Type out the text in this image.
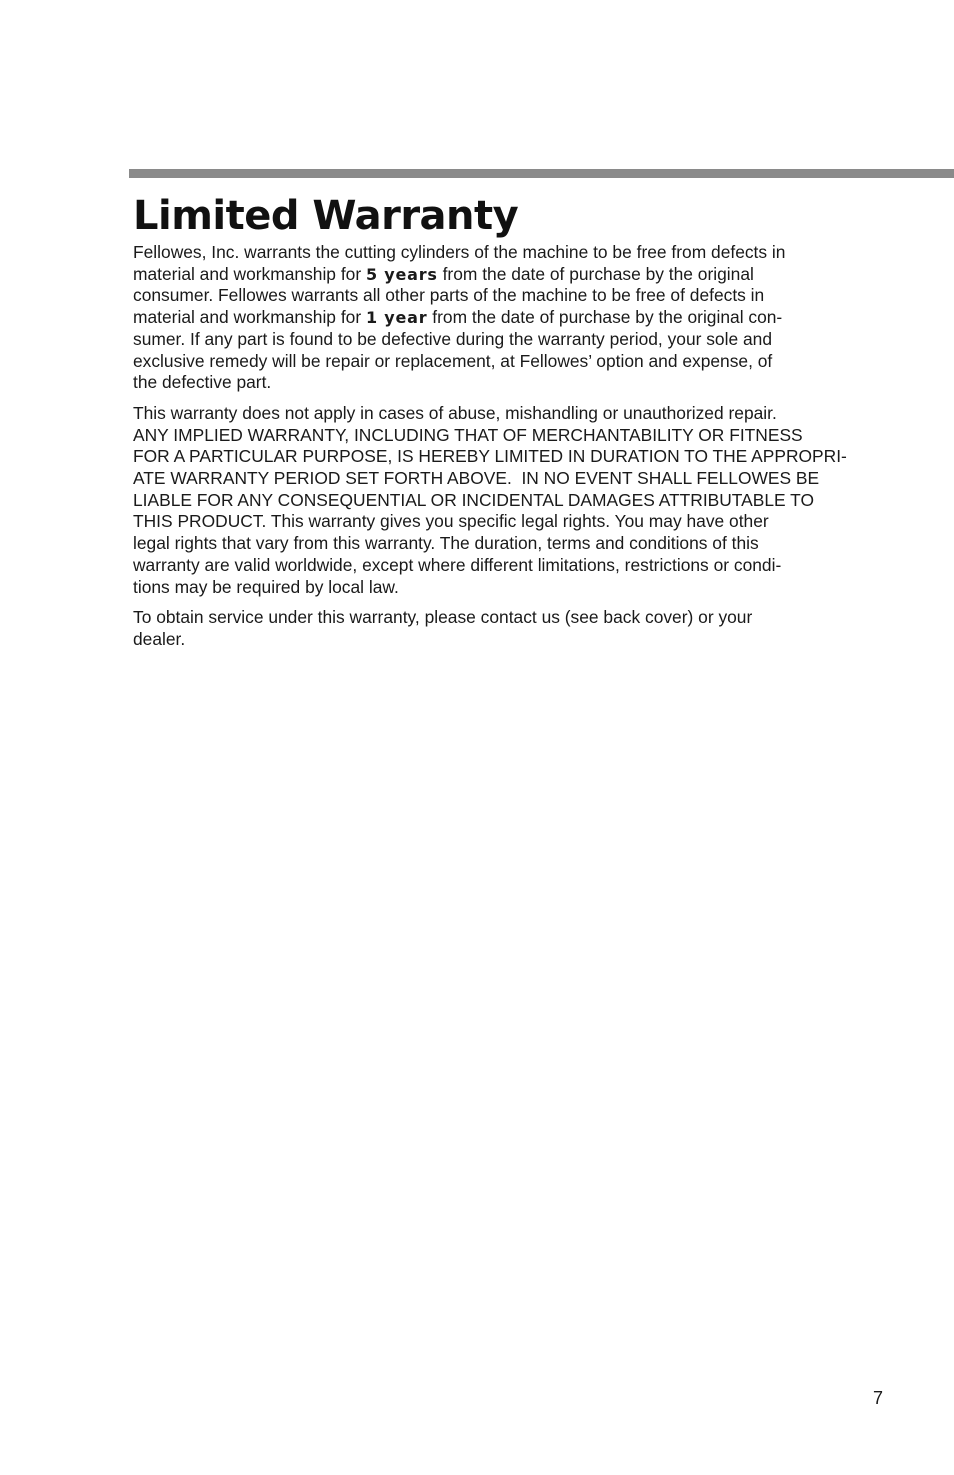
Limited Warranty

Fellowes, Inc. warrants the cutting cylinders of the machine to be free from defects in
material and workmanship for 5 years from the date of purchase by the original
consumer. Fellowes warrants all other parts of the machine to be free of defects in
material and workmanship for 1 year from the date of purchase by the original con-
sumer. If any part is found to be defective during the warranty period, your sole and
exclusive remedy will be repair or replacement, at Fellowes’ option and expense, of
the defective part.

This warranty does not apply in cases of abuse, mishandling or unauthorized repair.
ANY IMPLIED WARRANTY, INCLUDING THAT OF MERCHANTABILITY OR FITNESS
FOR A PARTICULAR PURPOSE, IS HEREBY LIMITED IN DURATION TO THE APPROPRI-
ATE WARRANTY PERIOD SET FORTH ABOVE.  IN NO EVENT SHALL FELLOWES BE
LIABLE FOR ANY CONSEQUENTIAL OR INCIDENTAL DAMAGES ATTRIBUTABLE TO
THIS PRODUCT. This warranty gives you specific legal rights. You may have other
legal rights that vary from this warranty. The duration, terms and conditions of this
warranty are valid worldwide, except where different limitations, restrictions or condi-
tions may be required by local law.

To obtain service under this warranty, please contact us (see back cover) or your
dealer.

7
